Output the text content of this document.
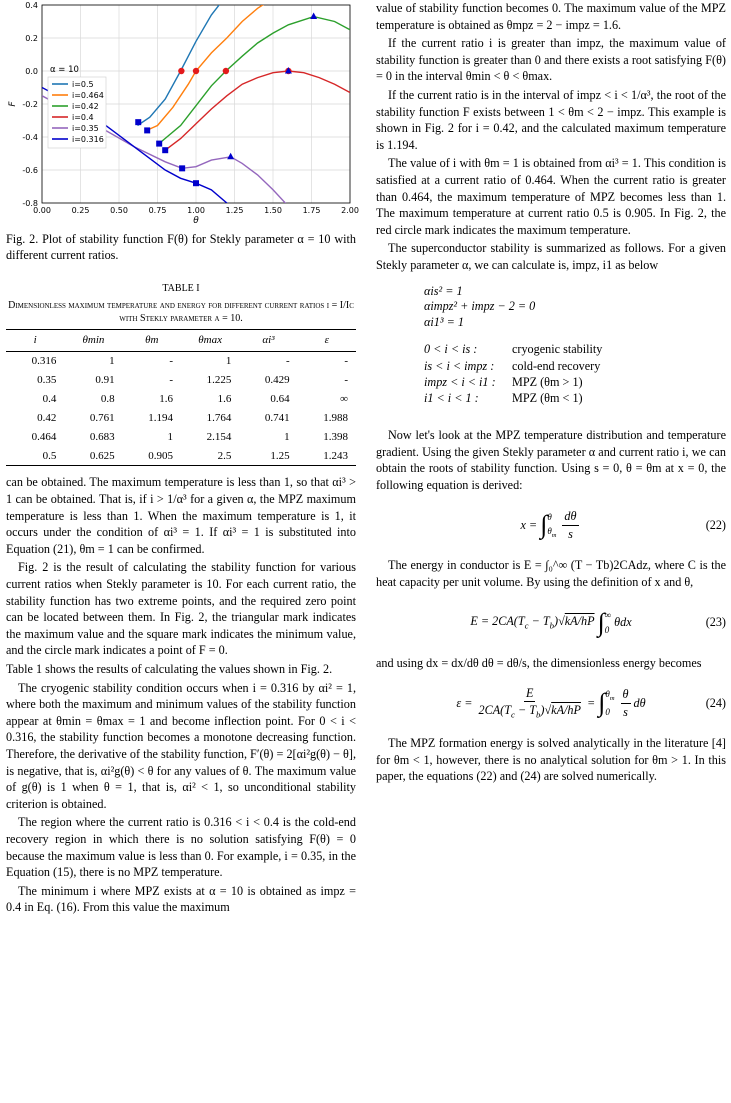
0.00	0.25	0.50	0.75	1.00	1.25	1.50	1.75	2.00
0.4
0.2
0.0
-0.2
-0.4
-0.6
-0.8
θ
F
α = 10
i=0.5
i=0.464
i=0.42
i=0.4
i=0.35
i=0.316

Fig. 2. Plot of stability function F(θ) for Stekly parameter α = 10 with different current ratios.

TABLE I
Dimensionless maximum temperature and energy for different current ratios i = I/Ic with Stekly parameter α = 10.
i	θmin	θm	θmax	αi³	ε
0.316	1	-	1	-	-
0.35	0.91	-	1.225	0.429	-
0.4	0.8	1.6	1.6	0.64	∞
0.42	0.761	1.194	1.764	0.741	1.988
0.464	0.683	1	2.154	1	1.398
0.5	0.625	0.905	2.5	1.25	1.243

can be obtained. The maximum temperature is less than 1, so that αi³ > 1 can be obtained. That is, if i > 1/α³ for a given α, the MPZ maximum temperature is less than 1. When the maximum temperature is 1, it occurs under the condition of αi³ = 1. If αi³ = 1 is substituted into Equation (21), θm = 1 can be confirmed.

Fig. 2 is the result of calculating the stability function for various current ratios when Stekly parameter is 10. For each current ratio, the stability function has two extreme points, and the required zero point can be located between them. In Fig. 2, the triangular mark indicates the maximum value and the square mark indicates the minimum value, and the circle mark indicates a point of F = 0.

Table 1 shows the results of calculating the values shown in Fig. 2.

The cryogenic stability condition occurs when i = 0.316 by αi² = 1, where both the maximum and minimum values of the stability function appear at θmin = θmax = 1 and become inflection point. For 0 < i < 0.316, the stability function becomes a monotone decreasing function. Therefore, the derivative of the stability function, F′(θ) = 2[αi²g(θ) − θ], is negative, that is, αi²g(θ) < θ for any values of θ. The maximum value of g(θ) is 1 when θ = 1, that is, αi² < 1, so unconditional stability criterion is obtained.

The region where the current ratio is 0.316 < i < 0.4 is the cold-end recovery region in which there is no solution satisfying F(θ) = 0 because the maximum value is less than 0. For example, i = 0.35, in the Equation (15), there is no MPZ temperature.

The minimum i where MPZ exists at α = 10 is obtained as impz = 0.4 in Eq. (16). From this value the maximum

value of stability function becomes 0. The maximum value of the MPZ temperature is obtained as θmpz = 2 − impz = 1.6.

If the current ratio i is greater than impz, the maximum value of stability function is greater than 0 and there exists a root satisfying F(θ) = 0 in the interval θmin < θ < θmax.

If the current ratio is in the interval of impz < i < 1/α³, the root of the stability function F exists between 1 < θm < 2 − impz. This example is shown in Fig. 2 for i = 0.42, and the calculated maximum temperature is 1.194.

The value of i with θm = 1 is obtained from αi³ = 1. This condition is satisfied at a current ratio of 0.464. When the current ratio is greater than 0.464, the maximum temperature of MPZ becomes less than 1. The maximum temperature at current ratio 0.5 is 0.905. In Fig. 2, the red circle mark indicates the maximum temperature.

The superconductor stability is summarized as follows. For a given Stekly parameter α, we can calculate is, impz, i1 as below

αis² = 1
αimpz² + impz − 2 = 0
αi1³ = 1
0 < i < is :	cryogenic stability
is < i < impz :	cold-end recovery
impz < i < i1 :	MPZ (θm > 1)
i1 < i < 1 :	MPZ (θm < 1)

Now let's look at the MPZ temperature distribution and temperature gradient. Using the given Stekly parameter α and current ratio i, we can obtain the roots of stability function. Using s = 0, θ = θm at x = 0, the following equation is derived:

x = ∫ θ
$\theta_m \frac{d\theta}{s}$	(22)

The energy in conductor is E = ∫₀^∞ (T − Tb)2CAdz, where C is the heat capacity per unit volume. By using the definition of x and θ,

$E = 2CA(T_c - T_b)√kA/hP$ ∫ ∞
0
θdx	(23)

and using dx = dx/dθ dθ = dθ/s, the dimensionless energy becomes

$\varepsilon = \frac{E}{2CA(T_c - T_b)√kA/hP}$ = ∫ $\theta_m$
$0 \frac{\theta}{s}$ dθ	(24)

The MPZ formation energy is solved analytically in the literature [4] for θm < 1, however, there is no analytical solution for θm > 1. In this paper, the equations (22) and (24) are solved numerically.
